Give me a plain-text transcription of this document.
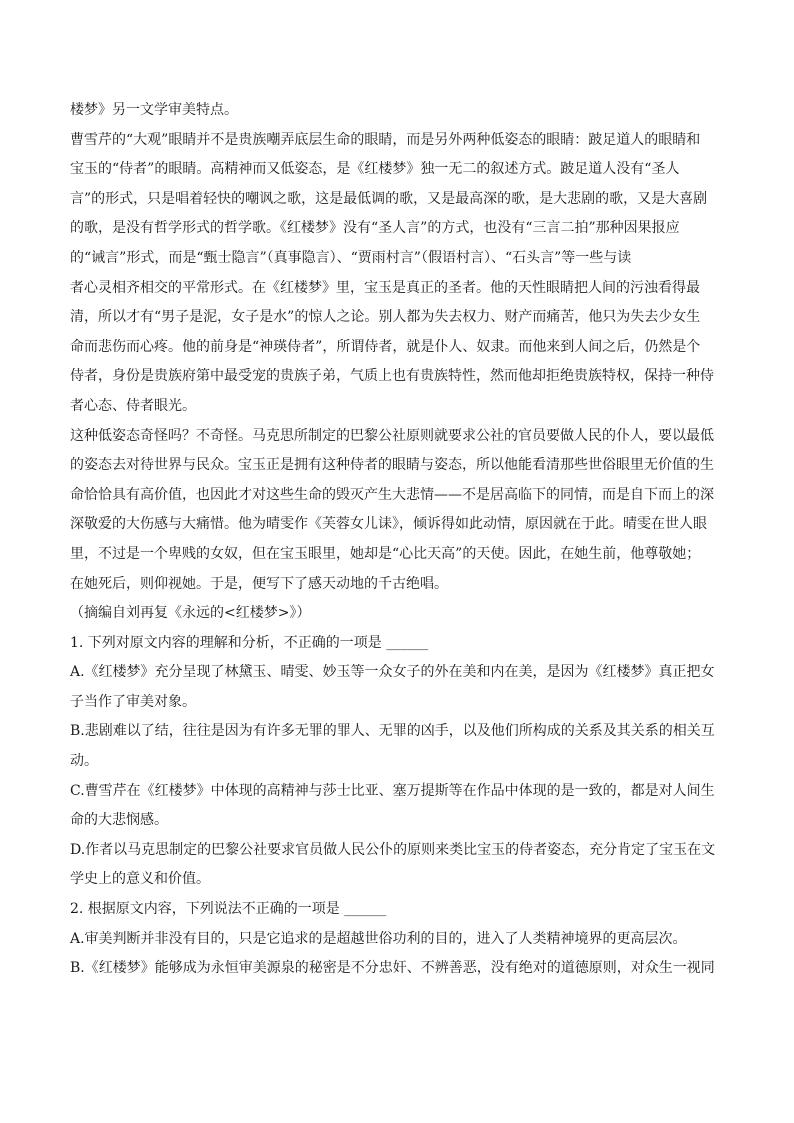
楼梦》另一文学审美特点。
曹雪芹的“大观”眼睛并不是贵族嘲弄底层生命的眼睛，而是另外两种低姿态的眼睛：跛足道人的眼睛和
宝玉的“侍者”的眼睛。高精神而又低姿态，是《红楼梦》独一无二的叙述方式。跛足道人没有“圣人
言”的形式，只是唱着轻快的嘲讽之歌，这是最低调的歌，又是最高深的歌，是大悲剧的歌，又是大喜剧
的歌，是没有哲学形式的哲学歌。《红楼梦》没有“圣人言”的方式，也没有“三言二拍”那种因果报应
的“诫言”形式，而是“甄士隐言”（真事隐言）、“贾雨村言”（假语村言）、“石头言”等一些与读
者心灵相齐相交的平常形式。在《红楼梦》里，宝玉是真正的圣者。他的天性眼睛把人间的污浊看得最
清，所以才有“男子是泥，女子是水”的惊人之论。别人都为失去权力、财产而痛苦，他只为失去少女生
命而悲伤而心疼。他的前身是“神瑛侍者”，所谓侍者，就是仆人、奴隶。而他来到人间之后，仍然是个
侍者，身份是贵族府第中最受宠的贵族子弟，气质上也有贵族特性，然而他却拒绝贵族特权，保持一种侍
者心态、侍者眼光。
这种低姿态奇怪吗？不奇怪。马克思所制定的巴黎公社原则就要求公社的官员要做人民的仆人，要以最低
的姿态去对待世界与民众。宝玉正是拥有这种侍者的眼睛与姿态，所以他能看清那些世俗眼里无价值的生
命恰恰具有高价值，也因此才对这些生命的毁灭产生大悲情——不是居高临下的同情，而是自下而上的深
深敬爱的大伤感与大痛惜。他为晴雯作《芙蓉女儿诔》，倾诉得如此动情，原因就在于此。晴雯在世人眼
里，不过是一个卑贱的女奴，但在宝玉眼里，她却是“心比天高”的天使。因此，在她生前，他尊敬她；
在她死后，则仰视她。于是，便写下了感天动地的千古绝唱。
（摘编自刘再复《永远的<红楼梦>》）
1. 下列对原文内容的理解和分析，不正确的一项是 ______
A.《红楼梦》充分呈现了林黛玉、晴雯、妙玉等一众女子的外在美和内在美，是因为《红楼梦》真正把女
子当作了审美对象。
B.悲剧难以了结，往往是因为有许多无罪的罪人、无罪的凶手，以及他们所构成的关系及其关系的相关互
动。
C.曹雪芹在《红楼梦》中体现的高精神与莎士比亚、塞万提斯等在作品中体现的是一致的，都是对人间生
命的大悲悯感。
D.作者以马克思制定的巴黎公社要求官员做人民公仆的原则来类比宝玉的侍者姿态，充分肯定了宝玉在文
学史上的意义和价值。
2. 根据原文内容，下列说法不正确的一项是 ______
A.审美判断并非没有目的，只是它追求的是超越世俗功利的目的，进入了人类精神境界的更高层次。
B.《红楼梦》能够成为永恒审美源泉的秘密是不分忠奸、不辨善恶，没有绝对的道德原则，对众生一视同
